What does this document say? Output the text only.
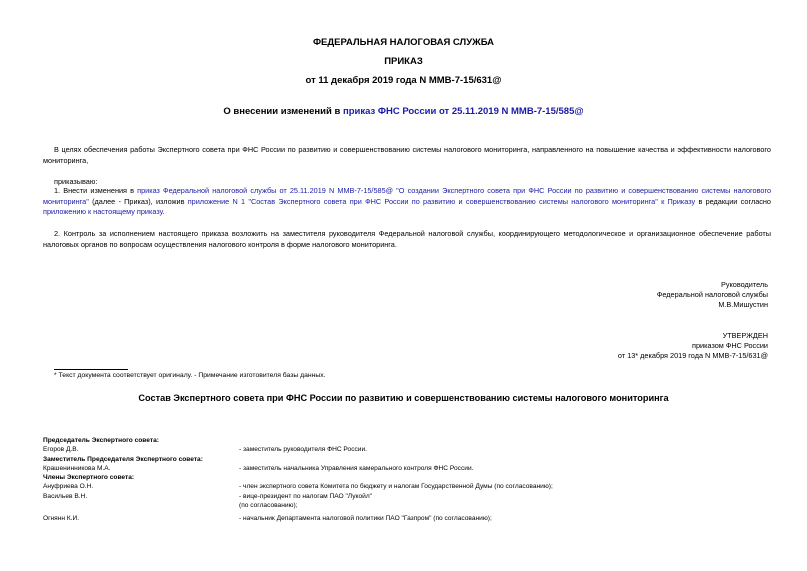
ФЕДЕРАЛЬНАЯ НАЛОГОВАЯ СЛУЖБА
ПРИКАЗ
от 11 декабря 2019 года N ММВ-7-15/631@
О внесении изменений в приказ ФНС России от 25.11.2019 N ММВ-7-15/585@
В целях обеспечения работы Экспертного совета при ФНС России по развитию и совершенствованию системы налогового мониторинга, направленного на повышение качества и эффективности налогового мониторинга,
приказываю:
1. Внести изменения в приказ Федеральной налоговой службы от 25.11.2019 N ММВ-7-15/585@ "О создании Экспертного совета при ФНС России по развитию и совершенствованию системы налогового мониторинга" (далее - Приказ), изложив приложение N 1 "Состав Экспертного совета при ФНС России по развитию и совершенствованию системы налогового мониторинга" к Приказу в редакции согласно приложению к настоящему приказу.
2. Контроль за исполнением настоящего приказа возложить на заместителя руководителя Федеральной налоговой службы, координирующего методологическое и организационное обеспечение работы налоговых органов по вопросам осуществления налогового контроля в форме налогового мониторинга.
Руководитель
Федеральной налоговой службы
М.В.Мишустин
УТВЕРЖДЕН
приказом ФНС России
от 13* декабря 2019 года N ММВ-7-15/631@
* Текст документа соответствует оригиналу. - Примечание изготовителя базы данных.
Состав Экспертного совета при ФНС России по развитию и совершенствованию системы налогового мониторинга
Председатель Экспертного совета:	
Егоров Д.В.	- заместитель руководителя ФНС России.
Заместитель Председателя Экспертного совета:	
Крашенинникова М.А.	- заместитель начальника Управления камерального контроля ФНС России.
Члены Экспертного совета:	
Ануфриева О.Н.	- член экспертного совета Комитета по бюджету и налогам Государственной Думы (по согласованию);
Васильев В.Н.	- вице-президент по налогам ПАО "Лукойл"
(по согласованию);

Огнянн К.И.	- начальник Департамента налоговой политики ПАО "Газпром" (по согласованию);
